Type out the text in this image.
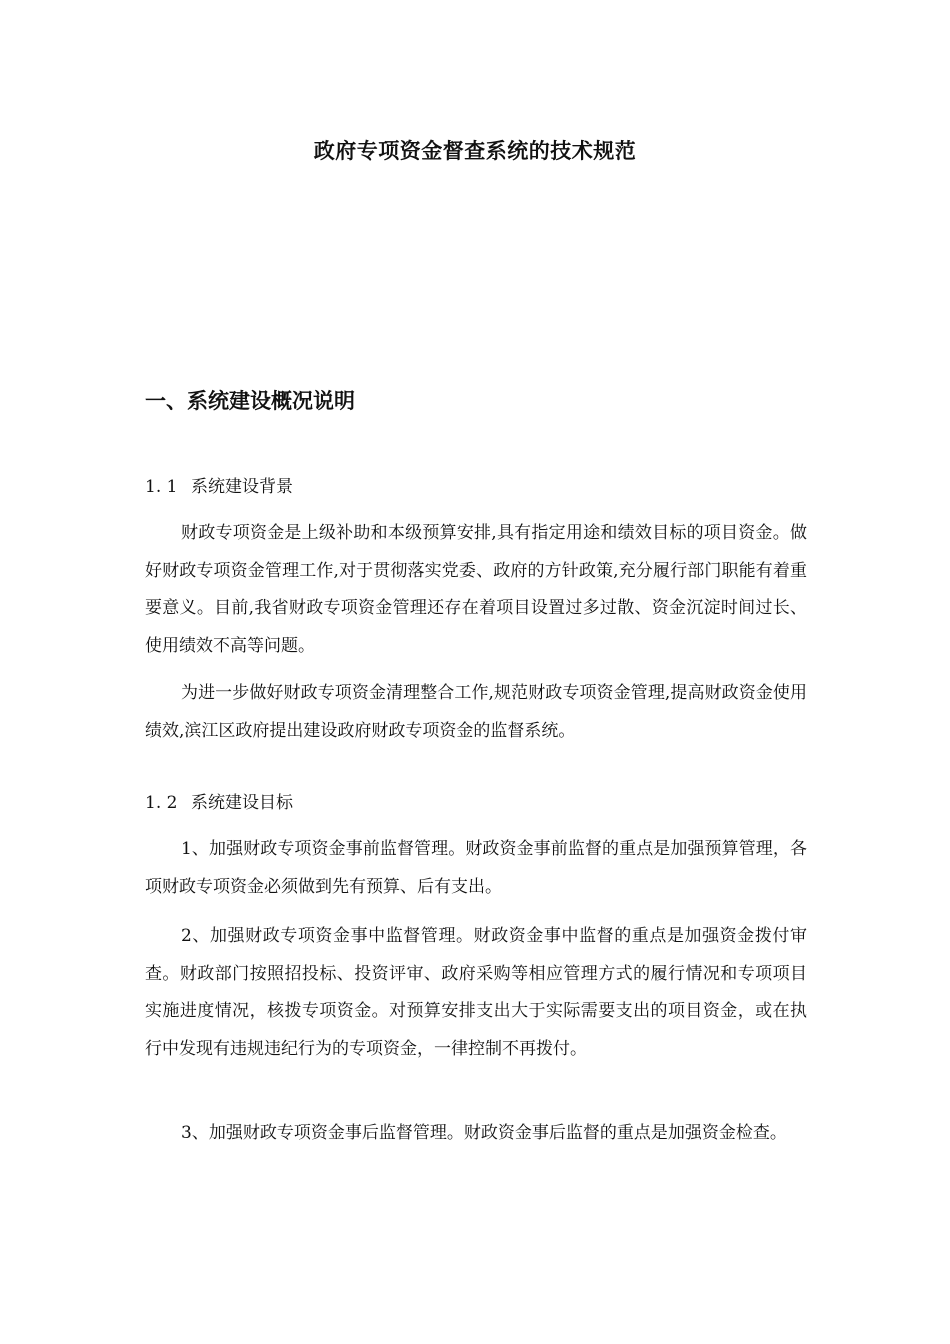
政府专项资金督查系统的技术规范
一、系统建设概况说明
1. 1 系统建设背景

财政专项资金是上级补助和本级预算安排,具有指定用途和绩效目标的项目资金。做好财政专项资金管理工作,对于贯彻落实党委、政府的方针政策,充分履行部门职能有着重要意义。目前,我省财政专项资金管理还存在着项目设置过多过散、资金沉淀时间过长、使用绩效不高等问题。

为进一步做好财政专项资金清理整合工作,规范财政专项资金管理,提高财政资金使用绩效,滨江区政府提出建设政府财政专项资金的监督系统。

1. 2 系统建设目标

1、加强财政专项资金事前监督管理。财政资金事前监督的重点是加强预算管理，各项财政专项资金必须做到先有预算、后有支出。

2、加强财政专项资金事中监督管理。财政资金事中监督的重点是加强资金拨付审查。财政部门按照招投标、投资评审、政府采购等相应管理方式的履行情况和专项项目实施进度情况，核拨专项资金。对预算安排支出大于实际需要支出的项目资金，或在执行中发现有违规违纪行为的专项资金，一律控制不再拨付。

3、加强财政专项资金事后监督管理。财政资金事后监督的重点是加强资金检查。
